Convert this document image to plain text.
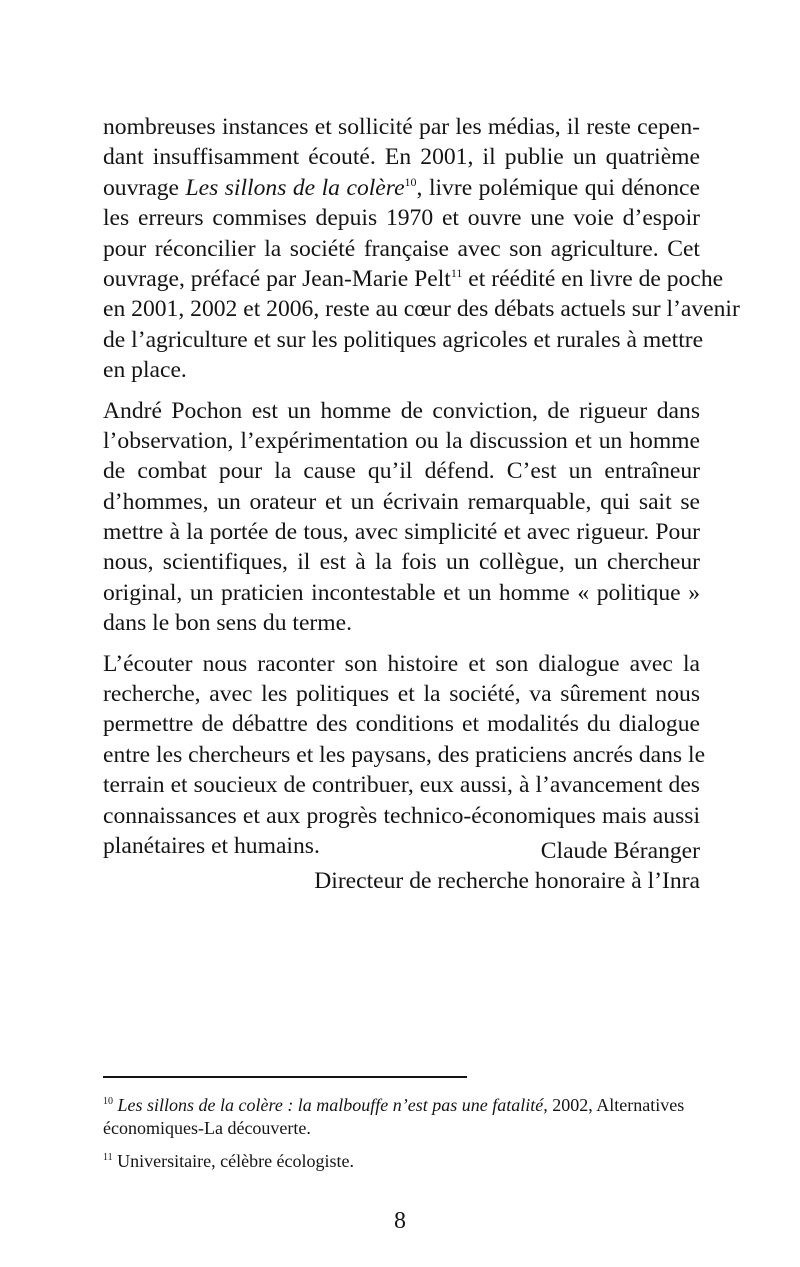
nombreuses instances et sollicité par les médias, il reste cepen-
dant insuffisamment écouté. En 2001, il publie un quatrième
ouvrage Les sillons de la colère$^{10}$, livre polémique qui dénonce
les erreurs commises depuis 1970 et ouvre une voie d’espoir
pour réconcilier la société française avec son agriculture. Cet
ouvrage, préfacé par Jean-Marie Pelt$^{11}$ et réédité en livre de poche
en 2001, 2002 et 2006, reste au cœur des débats actuels sur l’avenir
de l’agriculture et sur les politiques agricoles et rurales à mettre
en place.
André Pochon est un homme de conviction, de rigueur dans
l’observation, l’expérimentation ou la discussion et un homme
de combat pour la cause qu’il défend. C’est un entraîneur
d’hommes, un orateur et un écrivain remarquable, qui sait se
mettre à la portée de tous, avec simplicité et avec rigueur. Pour
nous, scientifiques, il est à la fois un collègue, un chercheur
original, un praticien incontestable et un homme « politique »
dans le bon sens du terme.
L’écouter nous raconter son histoire et son dialogue avec la
recherche, avec les politiques et la société, va sûrement nous
permettre de débattre des conditions et modalités du dialogue
entre les chercheurs et les paysans, des praticiens ancrés dans le
terrain et soucieux de contribuer, eux aussi, à l’avancement des
connaissances et aux progrès technico-économiques mais aussi
planétaires et humains.	Claude Béranger
Directeur de recherche honoraire à l’Inra
$^{10}$ Les sillons de la colère : la malbouffe n’est pas une fatalité, 2002, Alternatives économiques-La découverte.
$^{11}$ Universitaire, célèbre écologiste.
8
